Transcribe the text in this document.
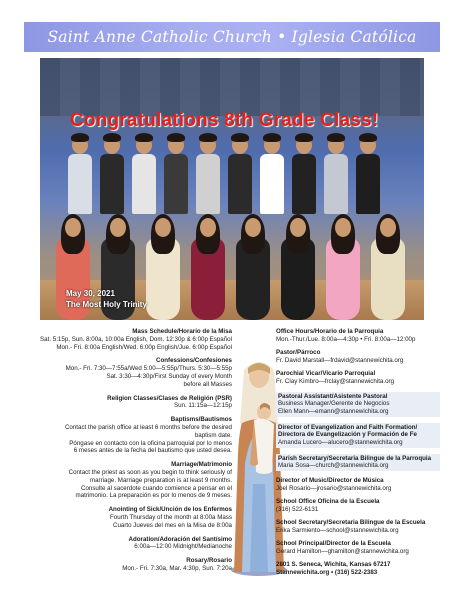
Saint Anne Catholic Church • Iglesia Católica
Congratulations 8th Grade Class!
May 30, 2021
The Most Holy Trinity
Mass Schedule/Horario de la Misa
Sat. 5:15p, Sun. 8:00a, 10:00a English, Dom. 12:30p & 6:00p Español
Mon.- Fri. 8:00a English/Wed. 6:00p English/Jue. 6:00p Español
Confessions/Confesiones
Mon.- Fri. 7:30—7:55a/Wed 5:00—5:55p/Thurs. 5:30—5:55p
Sat. 3:30—4:30p/First Sunday of every Month
before all Masses
Religion Classes/Clases de Religión (PSR)
Sun. 11:15a—12:15p
Baptisms/Bautismos
Contact the parish office at least 6 months before the desired
baptism date.
Póngase en contacto con la oficina parroquial por lo menos
6 meses antes de la fecha del bautismo que usted desea.
Marriage/Matrimonio
Contact the priest as soon as you begin to think seriously of
marriage. Marriage preparation is at least 9 months.
Consulte al sacerdote cuando comience a pensar en el
matrimonio. La preparación es por lo menos de 9 meses.
Anointing of Sick/Unción de los Enfermos
Fourth Thursday of the month at 8:00a Mass
Cuarto Jueves del mes en la Misa de 8:00a
Adoration/Adoración del Santísimo
6:00a—12:00 Midnight/Medianoche
Rosary/Rosario
Mon.- Fri. 7:30a, Mar. 4:30p, Sun. 7:20a
Office Hours/Horario de la Parroquia
Mon.-Thur./Lue. 8:00a—4:30p • Fri. 8:00a—12:00p
Pastor/Párroco
Fr. David Marstall—frdavid@stannewichita.org
Parochial Vicar/Vicario Parroquial
Fr. Clay Kimbro—frclay@stannewichita.org
Pastoral Assistant/Asistente Pastoral
Business Manager/Gerente de Negocios
Ellen Mann—emann@stannewichita.org
Director of Evangelization and Faith Formation/ Directora de Evangelización y Formación de Fe
Amanda Lucero—alucero@stannewichita.org
Parish Secretary/Secretaria Bilingue de la Parroquia
Maria Sosa—church@stannewichita.org
Director of Music/Director de Música
Joel Rosario—jrosario@stannewichita.org
School Office Oficina de la Escuela
(316) 522-6131
School Secretary/Secretaria Bilingue de la Escuela
Erika Sarmiento—school@stannewichita.org
School Principal/Director de la Escuela
Gerard Hamilton—ghamilton@stannewichita.org
2801 S. Seneca, Wichita, Kansas 67217
Stannewichita.org • (316) 522-2383
